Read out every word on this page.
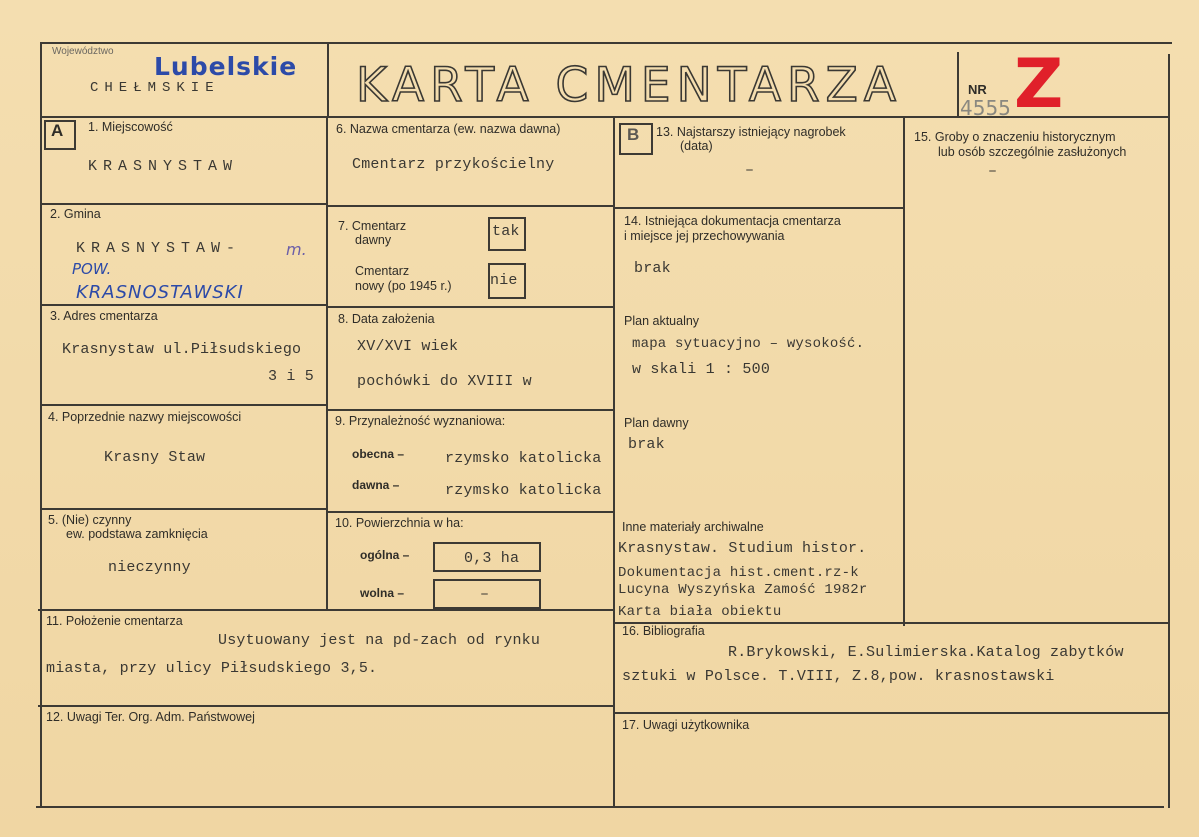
Województwo
Lubelskie
CHEŁMSKIE	KARTA CMENTARZA	NR
4555 Z
A	B
1. Miejscowość
KRASNYSTAW
2. Gmina
KRASNYSTAW-	m.
POW.
KRASNOSTAWSKI
3. Adres cmentarza
Krasnystaw ul.Piłsudskiego
3 i 5
4. Poprzednie nazwy miejscowości
Krasny Staw
5. (Nie) czynny
ew. podstawa zamknięcia
nieczynny
6. Nazwa cmentarza (ew. nazwa dawna)
Cmentarz przykościelny
7. Cmentarz
dawny	tak
Cmentarz
nowy (po 1945 r.)	nie
8. Data założenia
XV/XVI wiek
pochówki do XVIII w
9. Przynależność wyznaniowa:
obecna –	rzymsko katolicka
dawna –	rzymsko katolicka
10. Powierzchnia w ha:
ogólna –	0,3 ha
wolna –	–
11. Położenie cmentarza
Usytuowany jest na pd-zach od rynku
miasta, przy ulicy Piłsudskiego 3,5.
12. Uwagi Ter. Org. Adm. Państwowej
13. Najstarszy istniejący nagrobek
(data)
–
14. Istniejąca dokumentacja cmentarza
i miejsce jej przechowywania
brak
Plan aktualny
mapa sytuacyjno – wysokość.
w skali 1 : 500
Plan dawny
brak
Inne materiały archiwalne
Krasnystaw. Studium histor.
Dokumentacja hist.cment.rz-k
Lucyna Wyszyńska Zamość 1982r
Karta biała obiektu
15. Groby o znaczeniu historycznym
lub osób szczególnie zasłużonych
–
16. Bibliografia
R.Brykowski, E.Sulimierska.Katalog zabytków
sztuki w Polsce. T.VIII, Z.8,pow. krasnostawski
17. Uwagi użytkownika
